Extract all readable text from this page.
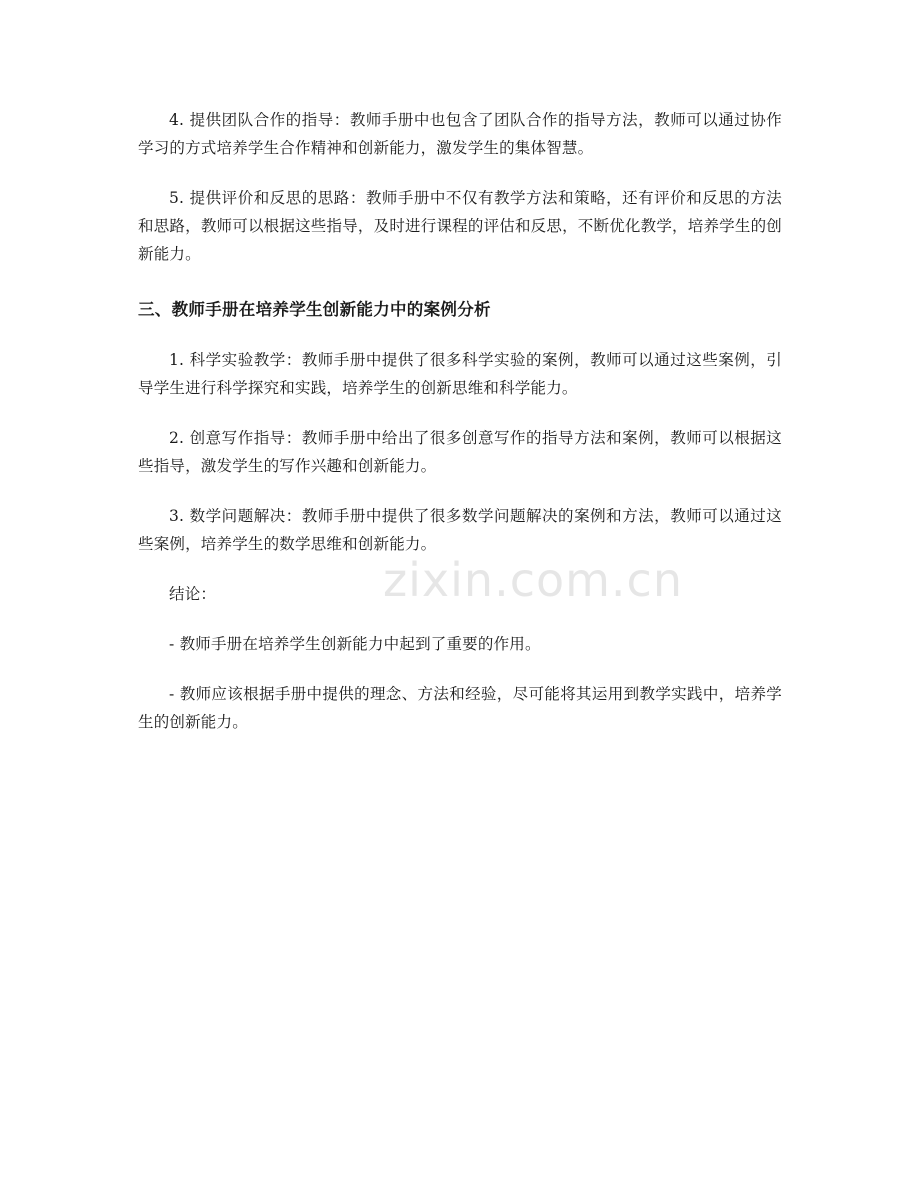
4. 提供团队合作的指导：教师手册中也包含了团队合作的指导方法，教师可以通过协作学习的方式培养学生合作精神和创新能力，激发学生的集体智慧。

5. 提供评价和反思的思路：教师手册中不仅有教学方法和策略，还有评价和反思的方法和思路，教师可以根据这些指导，及时进行课程的评估和反思，不断优化教学，培养学生的创新能力。

三、教师手册在培养学生创新能力中的案例分析

1. 科学实验教学：教师手册中提供了很多科学实验的案例，教师可以通过这些案例，引导学生进行科学探究和实践，培养学生的创新思维和科学能力。

2. 创意写作指导：教师手册中给出了很多创意写作的指导方法和案例，教师可以根据这些指导，激发学生的写作兴趣和创新能力。

3. 数学问题解决：教师手册中提供了很多数学问题解决的案例和方法，教师可以通过这些案例，培养学生的数学思维和创新能力。

结论：

- 教师手册在培养学生创新能力中起到了重要的作用。

- 教师应该根据手册中提供的理念、方法和经验，尽可能将其运用到教学实践中，培养学生的创新能力。

zixin.com.cn
